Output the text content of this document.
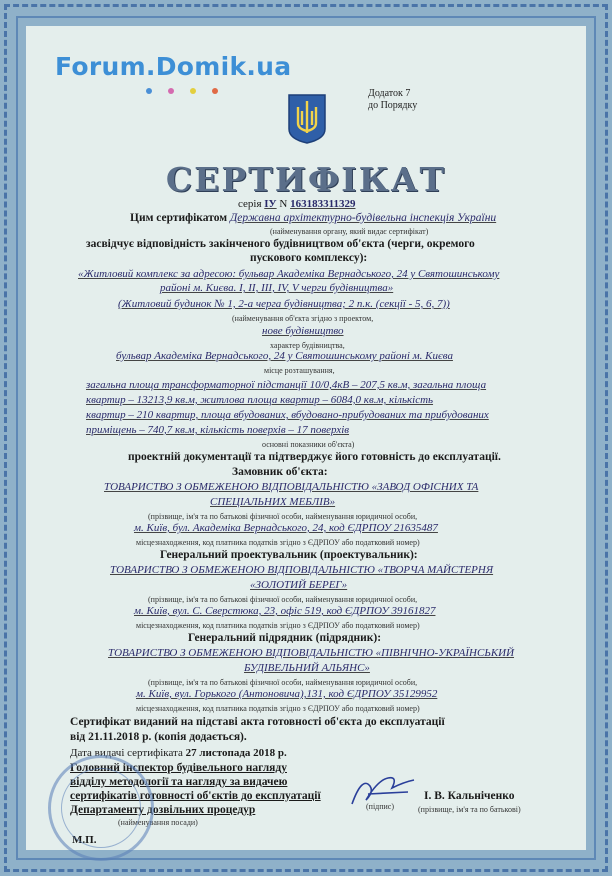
Forum.Domik.ua
Додаток 7
до Порядку
СЕРТИФІКАТ
серія IУ N 163183311329
Цим сертифікатом Державна архітектурно-будівельна інспекція України
(найменування органу, який видає сертифікат)
засвідчує відповідність закінченого будівництвом об'єкта (черги, окремого
пускового комплексу):
«Житловий комплекс за адресою: бульвар Академіка Вернадського, 24 у Святошинському
районі м. Києва. І, ІІ, ІІІ, ІV, V черги будівництва»
(Житловий будинок № 1, 2-а черга будівництва; 2 п.к. (секції - 5, 6, 7))
(найменування об'єкта згідно з проектом,
нове будівництво
характер будівництва,
бульвар Академіка Вернадського, 24 у Святошинському районі м. Києва
місце розташування,
загальна площа трансформаторної підстанції 10/0,4кВ – 207,5 кв.м, загальна площа
квартир – 13213,9 кв.м, житлова площа квартир – 6084,0 кв.м, кількість
квартир – 210 квартир, площа вбудованих, вбудовано-прибудованих та прибудованих
приміщень – 740,7 кв.м, кількість поверхів – 17 поверхів
основні показники об'єкта)
проектній документації та підтверджує його готовність до експлуатації.
Замовник об'єкта:
ТОВАРИСТВО З ОБМЕЖЕНОЮ ВІДПОВІДАЛЬНІСТЮ «ЗАВОД ОФІСНИХ ТА
СПЕЦІАЛЬНИХ МЕБЛІВ»
(прізвище, ім'я та по батькові фізичної особи, найменування юридичної особи,
м. Київ, бул. Академіка Вернадського, 24, код ЄДРПОУ 21635487
місцезнаходження, код платника податків згідно з ЄДРПОУ або податковий номер)
Генеральний проектувальник (проектувальник):
ТОВАРИСТВО З ОБМЕЖЕНОЮ ВІДПОВІДАЛЬНІСТЮ «ТВОРЧА МАЙСТЕРНЯ
«ЗОЛОТИЙ БЕРЕГ»
(прізвище, ім'я та по батькові фізичної особи, найменування юридичної особи,
м. Київ, вул. С. Сверстюка, 23, офіс 519, код ЄДРПОУ 39161827
місцезнаходження, код платника податків згідно з ЄДРПОУ або податковий номер)
Генеральний підрядник (підрядник):
ТОВАРИСТВО З ОБМЕЖЕНОЮ ВІДПОВІДАЛЬНІСТЮ «ПІВНІЧНО-УКРАЇНСЬКИЙ
БУДІВЕЛЬНИЙ АЛЬЯНС»
(прізвище, ім'я та по батькові фізичної особи, найменування юридичної особи,
м. Київ, вул. Горького (Антоновича),131, код ЄДРПОУ 35129952
місцезнаходження, код платника податків згідно з ЄДРПОУ або податковий номер)
Сертифікат виданий на підставі акта готовності об'єкта до експлуатації
від 21.11.2018 р. (копія додається).
Дата видачі сертифіката 27 листопада 2018 р.
Головний інспектор будівельного нагляду
відділу методології та нагляду за видачею
сертифікатів готовності об'єктів до експлуатації
Департаменту дозвільних процедур
(найменування посади)
М.П.
(підпис)
І. В. Кальніченко
(прізвище, ім'я та по батькові)
